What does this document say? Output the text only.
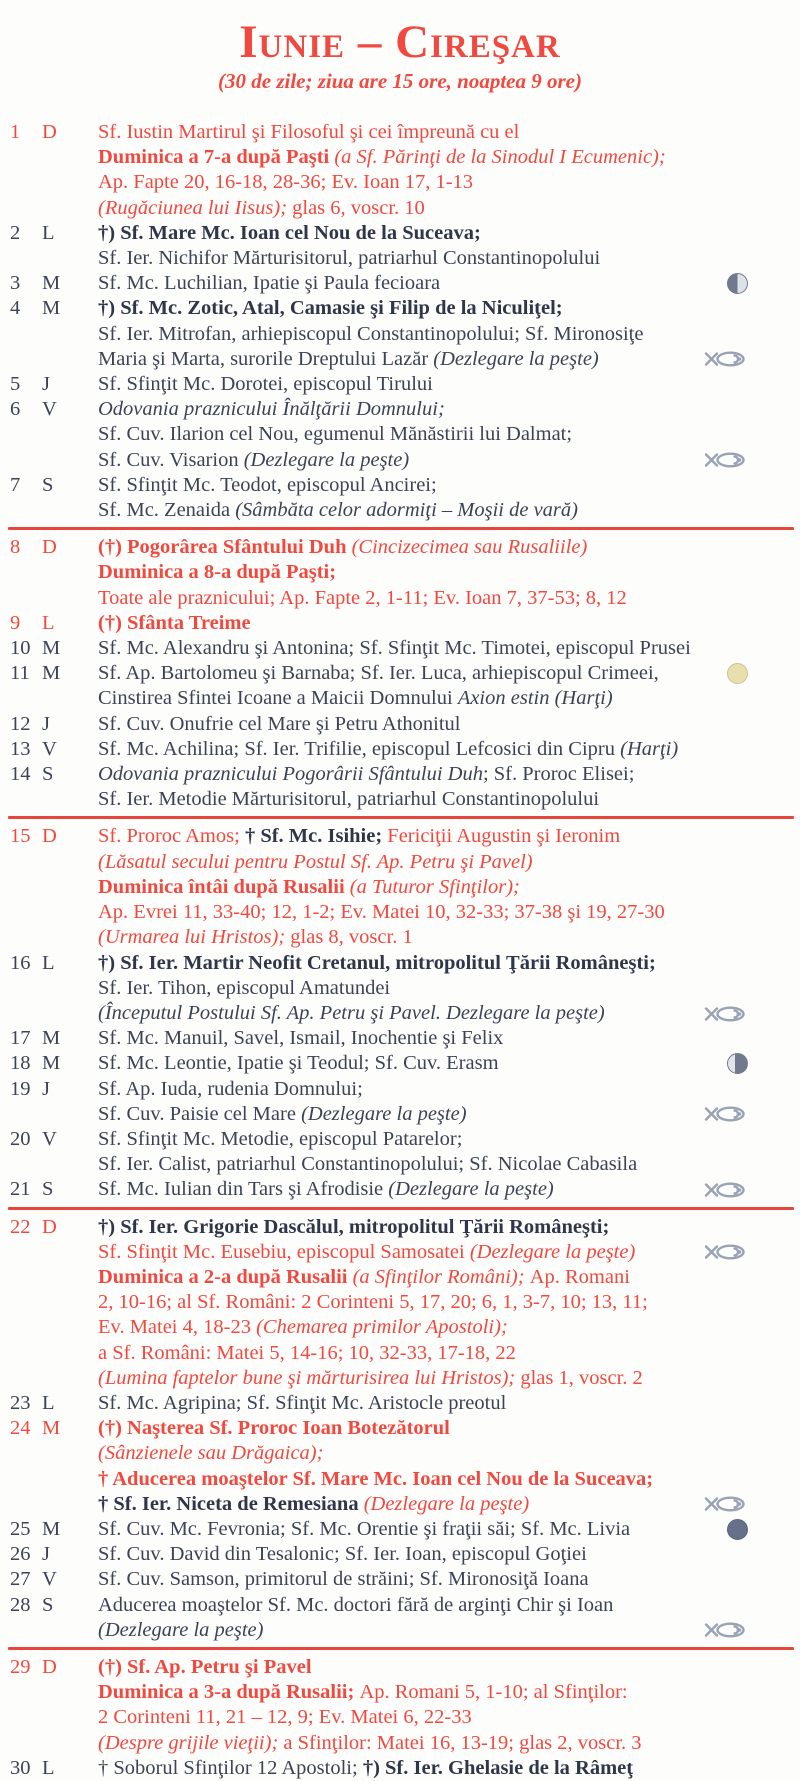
Iunie – Cireşar
(30 de zile; ziua are 15 ore, noaptea 9 ore)
1 D	Sf. Iustin Martirul şi Filosoful şi cei împreună cu el
Duminica a 7-a după Paşti (a Sf. Părinţi de la Sinodul I Ecumenic);
Ap. Fapte 20, 16-18, 28-36; Ev. Ioan 17, 1-13
(Rugăciunea lui Iisus); glas 6, voscr. 10
2 L	†) Sf. Mare Mc. Ioan cel Nou de la Suceava;
Sf. Ier. Nichifor Mărturisitorul, patriarhul Constantinopolului
3 M	Sf. Mc. Luchilian, Ipatie şi Paula fecioara
4 M	†) Sf. Mc. Zotic, Atal, Camasie şi Filip de la Niculiţel;
Sf. Ier. Mitrofan, arhiepiscopul Constantinopolului; Sf. Mironosiţe
Maria şi Marta, surorile Dreptului Lazăr (Dezlegare la peşte)
5 J	Sf. Sfinţit Mc. Dorotei, episcopul Tirului
6 V	Odovania praznicului Înălţării Domnului;
Sf. Cuv. Ilarion cel Nou, egumenul Mănăstirii lui Dalmat;
Sf. Cuv. Visarion (Dezlegare la peşte)
7 S	Sf. Sfinţit Mc. Teodot, episcopul Ancirei;
Sf. Mc. Zenaida (Sâmbăta celor adormiţi – Moşii de vară)
8 D	(†) Pogorârea Sfântului Duh (Cincizecimea sau Rusaliile)
Duminica a 8-a după Paşti;
Toate ale praznicului; Ap. Fapte 2, 1-11; Ev. Ioan 7, 37-53; 8, 12
9 L	(†) Sfânta Treime
10 M	Sf. Mc. Alexandru şi Antonina; Sf. Sfinţit Mc. Timotei, episcopul Prusei
11 M	Sf. Ap. Bartolomeu şi Barnaba; Sf. Ier. Luca, arhiepiscopul Crimeei,
Cinstirea Sfintei Icoane a Maicii Domnului Axion estin (Harţi)
12 J	Sf. Cuv. Onufrie cel Mare şi Petru Athonitul
13 V	Sf. Mc. Achilina; Sf. Ier. Trifilie, episcopul Lefcosici din Cipru (Harţi)
14 S	Odovania praznicului Pogorârii Sfântului Duh; Sf. Proroc Elisei;
Sf. Ier. Metodie Mărturisitorul, patriarhul Constantinopolului
15 D	Sf. Proroc Amos; † Sf. Mc. Isihie; Fericiţii Augustin şi Ieronim
(Lăsatul secului pentru Postul Sf. Ap. Petru şi Pavel)
Duminica întâi după Rusalii (a Tuturor Sfinţilor);
Ap. Evrei 11, 33-40; 12, 1-2; Ev. Matei 10, 32-33; 37-38 şi 19, 27-30
(Urmarea lui Hristos); glas 8, voscr. 1
16 L	†) Sf. Ier. Martir Neofit Cretanul, mitropolitul Ţării Româneşti;
Sf. Ier. Tihon, episcopul Amatundei
(Începutul Postului Sf. Ap. Petru şi Pavel. Dezlegare la peşte)
17 M	Sf. Mc. Manuil, Savel, Ismail, Inochentie şi Felix
18 M	Sf. Mc. Leontie, Ipatie şi Teodul; Sf. Cuv. Erasm
19 J	Sf. Ap. Iuda, rudenia Domnului;
Sf. Cuv. Paisie cel Mare (Dezlegare la peşte)
20 V	Sf. Sfinţit Mc. Metodie, episcopul Patarelor;
Sf. Ier. Calist, patriarhul Constantinopolului; Sf. Nicolae Cabasila
21 S	Sf. Mc. Iulian din Tars şi Afrodisie (Dezlegare la peşte)
22 D	†) Sf. Ier. Grigorie Dascălul, mitropolitul Ţării Româneşti;
Sf. Sfinţit Mc. Eusebiu, episcopul Samosatei (Dezlegare la peşte)
Duminica a 2-a după Rusalii (a Sfinţilor Români); Ap. Romani
2, 10-16; al Sf. Români: 2 Corinteni 5, 17, 20; 6, 1, 3-7, 10; 13, 11;
Ev. Matei 4, 18-23 (Chemarea primilor Apostoli);
a Sf. Români: Matei 5, 14-16; 10, 32-33, 17-18, 22
(Lumina faptelor bune şi mărturisirea lui Hristos); glas 1, voscr. 2
23 L	Sf. Mc. Agripina; Sf. Sfinţit Mc. Aristocle preotul
24 M	(†) Naşterea Sf. Proroc Ioan Botezătorul
(Sânzienele sau Drăgaica);
† Aducerea moaştelor Sf. Mare Mc. Ioan cel Nou de la Suceava;
† Sf. Ier. Niceta de Remesiana (Dezlegare la peşte)
25 M	Sf. Cuv. Mc. Fevronia; Sf. Mc. Orentie şi fraţii săi; Sf. Mc. Livia
26 J	Sf. Cuv. David din Tesalonic; Sf. Ier. Ioan, episcopul Goţiei
27 V	Sf. Cuv. Samson, primitorul de străini; Sf. Mironosiţă Ioana
28 S	Aducerea moaştelor Sf. Mc. doctori fără de arginţi Chir şi Ioan
(Dezlegare la peşte)
29 D	(†) Sf. Ap. Petru şi Pavel
Duminica a 3-a după Rusalii; Ap. Romani 5, 1-10; al Sfinţilor:
2 Corinteni 11, 21 – 12, 9; Ev. Matei 6, 22-33
(Despre grijile vieţii); a Sfinţilor: Matei 16, 13-19; glas 2, voscr. 3
30 L	† Soborul Sfinţilor 12 Apostoli; †) Sf. Ier. Ghelasie de la Râmeţ
